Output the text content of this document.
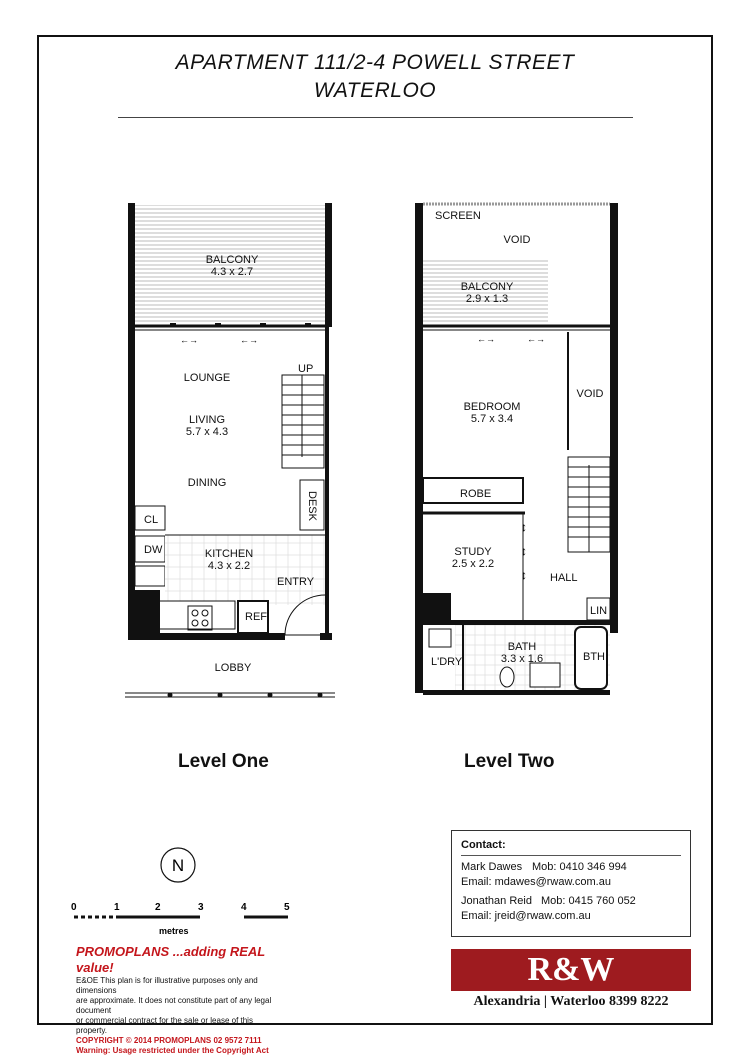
APARTMENT 111/2-4 POWELL STREET
WATERLOO
←→	←→
BALCONY
4.3 x 2.7
LOUNGE
LIVING
5.7 x 4.3
DINING
UP
DESK
CL
DW	KITCHEN
4.3 x 2.2
ENTRY
REF
LOBBY
←→	←→
↕
↕
↕
SCREEN
VOID
BALCONY
2.9 x 1.3
VOID
BEDROOM
5.7 x 3.4
ROBE
STUDY
2.5 x 2.2
HALL
LIN
L'DRY
BATH
3.3 x 1.6	BTH
Level One	Level Two
N
0	1	2	3	4	5
metres
PROMOPLANS ...adding REAL value!
E&OE This plan is for illustrative purposes only and dimensions
are approximate. It does not constitute part of any legal document
or commercial contract for the sale or lease of this property.
COPYRIGHT © 2014 PROMOPLANS 02 9572 7111
Warning: Usage restricted under the Copyright Act
Contact:
Mark Dawes Mob: 0410 346 994
Email: mdawes@rwaw.com.au
Jonathan Reid Mob: 0415 760 052
Email: jreid@rwaw.com.au
R&W
Alexandria | Waterloo 8399 8222
